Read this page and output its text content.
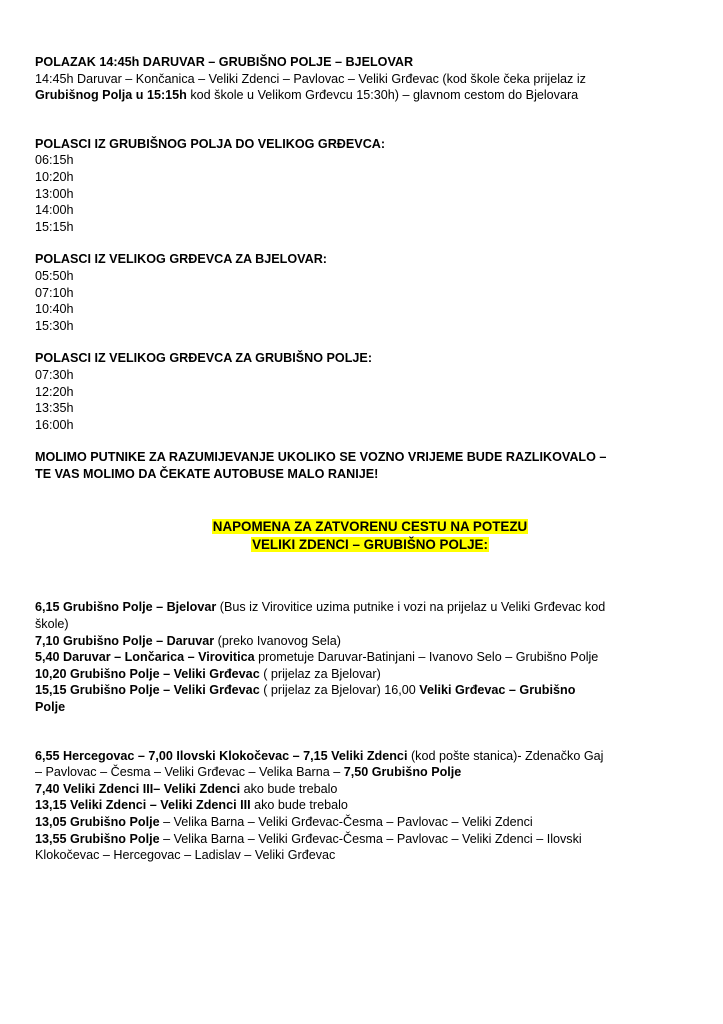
POLAZAK 14:45h DARUVAR – GRUBIŠNO POLJE – BJELOVAR
14:45h Daruvar – Končanica – Veliki Zdenci – Pavlovac – Veliki Grđevac (kod škole čeka prijelaz iz
Grubišnog Polja u 15:15h kod škole u Velikom Grđevcu 15:30h) – glavnom cestom do Bjelovara
POLASCI IZ GRUBIŠNOG POLJA DO VELIKOG GRĐEVCA:
06:15h
10:20h
13:00h
14:00h
15:15h
POLASCI IZ VELIKOG GRĐEVCA ZA BJELOVAR:
05:50h
07:10h
10:40h
15:30h
POLASCI IZ VELIKOG GRĐEVCA ZA GRUBIŠNO POLJE:
07:30h
12:20h
13:35h
16:00h
MOLIMO PUTNIKE ZA RAZUMIJEVANJE UKOLIKO SE VOZNO VRIJEME BUDE RAZLIKOVALO –
TE VAS MOLIMO DA ČEKATE AUTOBUSE MALO RANIJE!
NAPOMENA ZA ZATVORENU CESTU NA POTEZU
VELIKI ZDENCI – GRUBIŠNO POLJE:
6,15 Grubišno Polje – Bjelovar (Bus iz Virovitice uzima putnike i vozi na prijelaz u Veliki Grđevac kod
škole)
7,10 Grubišno Polje – Daruvar (preko Ivanovog Sela)
5,40 Daruvar – Lončarica – Virovitica prometuje Daruvar-Batinjani – Ivanovo Selo – Grubišno Polje
10,20 Grubišno Polje – Veliki Grđevac ( prijelaz za Bjelovar)
15,15 Grubišno Polje – Veliki Grđevac ( prijelaz za Bjelovar) 16,00 Veliki Grđevac – Grubišno
Polje
6,55 Hercegovac – 7,00 Ilovski Klokočevac – 7,15 Veliki Zdenci (kod pošte stanica)- Zdenačko Gaj
– Pavlovac – Česma – Veliki Grđevac – Velika Barna – 7,50 Grubišno Polje
7,40 Veliki Zdenci III– Veliki Zdenci ako bude trebalo
13,15 Veliki Zdenci – Veliki Zdenci III ako bude trebalo
13,05 Grubišno Polje – Velika Barna – Veliki Grđevac-Česma – Pavlovac – Veliki Zdenci
13,55 Grubišno Polje – Velika Barna – Veliki Grđevac-Česma – Pavlovac – Veliki Zdenci – Ilovski
Klokočevac – Hercegovac – Ladislav – Veliki Grđevac
